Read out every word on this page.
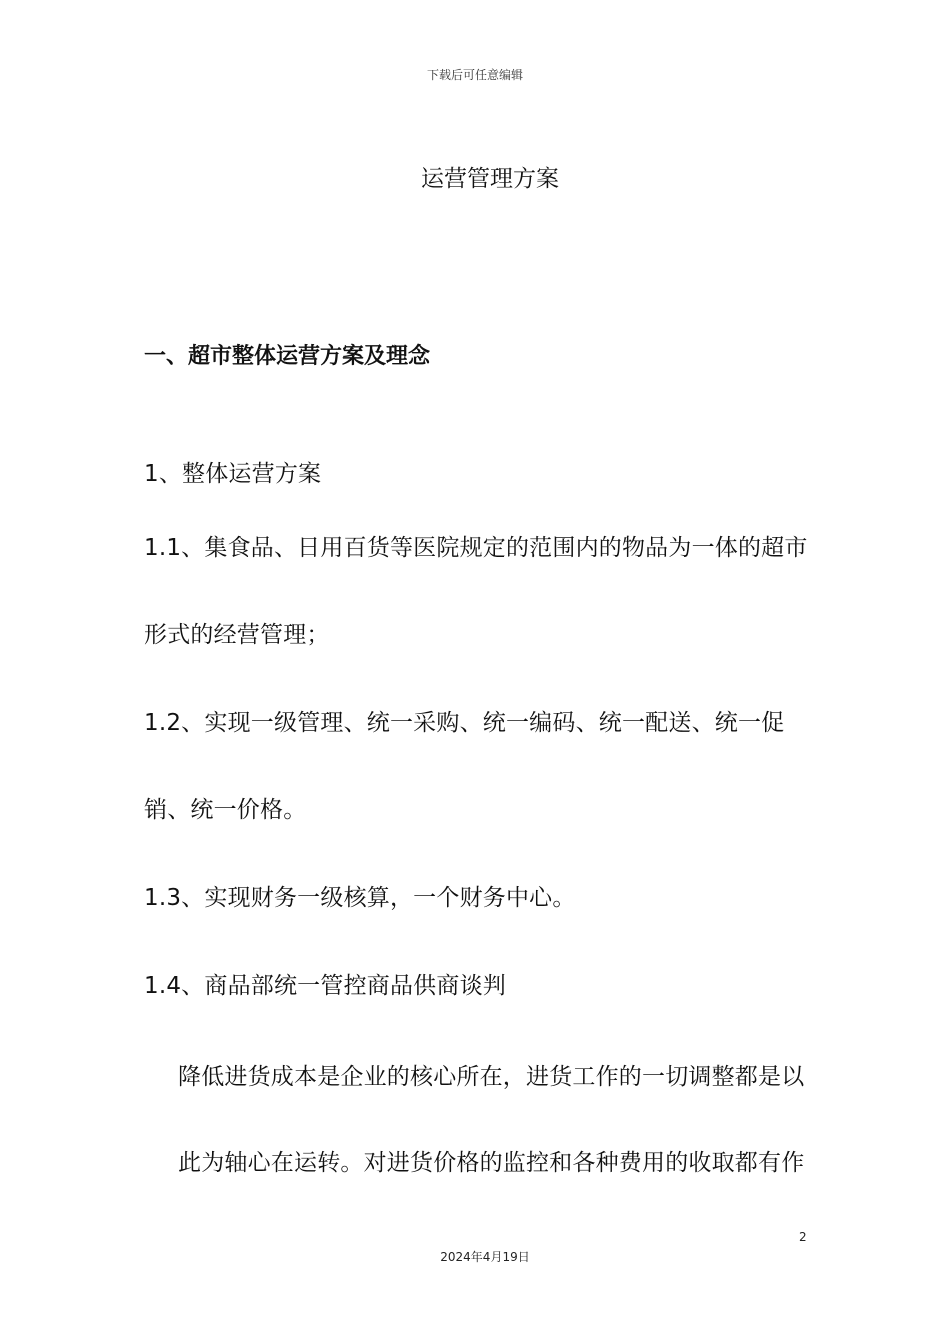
下载后可任意编辑
运营管理方案
一、超市整体运营方案及理念
1、整体运营方案
1.1、集食品、日用百货等医院规定的范围内的物品为一体的超市
形式的经营管理；
1.2、实现一级管理、统一采购、统一编码、统一配送、统一促
销、统一价格。
1.3、实现财务一级核算，一个财务中心。
1.4、商品部统一管控商品供商谈判
降低进货成本是企业的核心所在，进货工作的一切调整都是以
此为轴心在运转。对进货价格的监控和各种费用的收取都有作
2
2024年4月19日
